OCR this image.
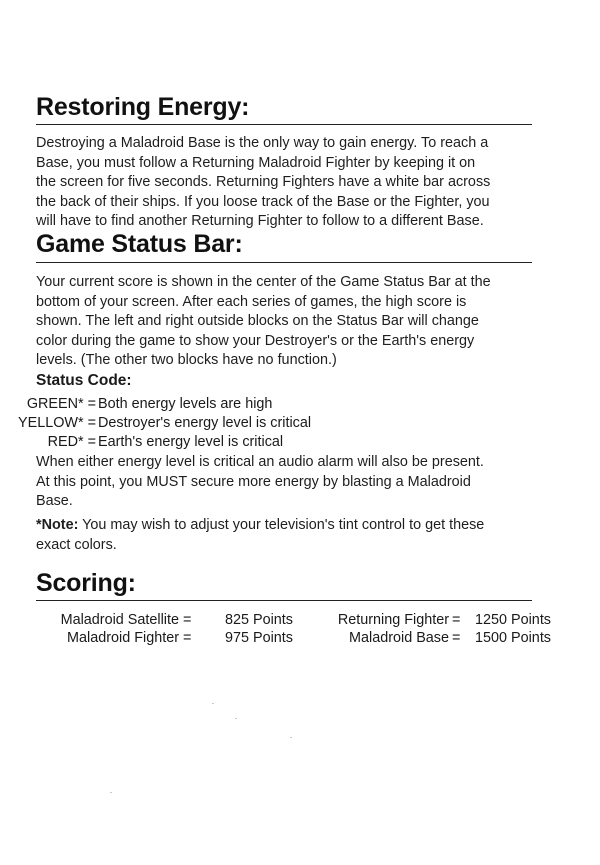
Restoring Energy:

Destroying a Maladroid Base is the only way to gain energy. To reach a
Base, you must follow a Returning Maladroid Fighter by keeping it on
the screen for five seconds. Returning Fighters have a white bar across
the back of their ships. If you loose track of the Base or the Fighter, you
will have to find another Returning Fighter to follow to a different Base.

Game Status Bar:

Your current score is shown in the center of the Game Status Bar at the
bottom of your screen. After each series of games, the high score is
shown. The left and right outside blocks on the Status Bar will change
color during the game to show your Destroyer's or the Earth's energy
levels. (The other two blocks have no function.)

Status Code:
GREEN* = Both energy levels are high
YELLOW* = Destroyer's energy level is critical
RED* = Earth's energy level is critical

When either energy level is critical an audio alarm will also be present.
At this point, you MUST secure more energy by blasting a Maladroid
Base.

*Note: You may wish to adjust your television's tint control to get these
exact colors.

Scoring:
Maladroid Satellite = 825 Points	Returning Fighter = 1250 Points
Maladroid Fighter = 975 Points	Maladroid Base = 1500 Points
